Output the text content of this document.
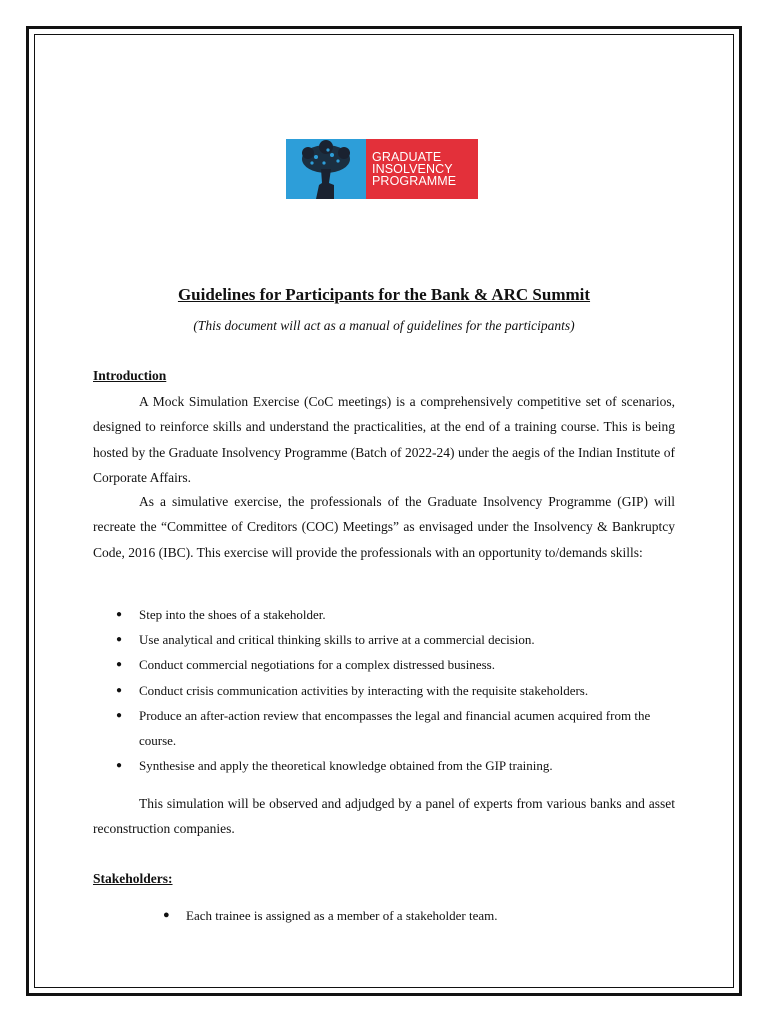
GRADUATE
INSOLVENCY
PROGRAMME
Guidelines for Participants for the Bank & ARC Summit
(This document will act as a manual of guidelines for the participants)
Introduction

A Mock Simulation Exercise (CoC meetings) is a comprehensively competitive set of scenarios, designed to reinforce skills and understand the practicalities, at the end of a training course. This is being hosted by the Graduate Insolvency Programme (Batch of 2022-24) under the aegis of the Indian Institute of Corporate Affairs.

As a simulative exercise, the professionals of the Graduate Insolvency Programme (GIP) will recreate the “Committee of Creditors (COC) Meetings” as envisaged under the Insolvency & Bankruptcy Code, 2016 (IBC). This exercise will provide the professionals with an opportunity to/demands skills:

● Step into the shoes of a stakeholder.
● Use analytical and critical thinking skills to arrive at a commercial decision.
● Conduct commercial negotiations for a complex distressed business.
● Conduct crisis communication activities by interacting with the requisite stakeholders.
● Produce an after-action review that encompasses the legal and financial acumen acquired from the course.
● Synthesise and apply the theoretical knowledge obtained from the GIP training.

This simulation will be observed and adjudged by a panel of experts from various banks and asset reconstruction companies.

Stakeholders:
● Each trainee is assigned as a member of a stakeholder team.
